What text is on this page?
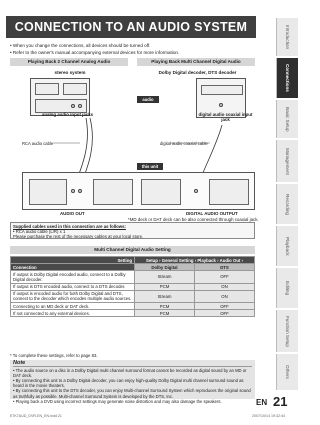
CONNECTION TO AN AUDIO SYSTEM
• When you change the connections, all devices should be turned off.
• Refer to the owner's manual accompanying external devices for more information.
Playing Back 2 Channel Analog Audio	Playing Back Multi Channel Digital Audio
stereo system	Dolby Digital decoder, DTS decoder
audio
analog audio input jacks	digital audio coaxial input jack
RCA audio cable	digital audio coaxial cable
this unit
AUDIO OUT	DIGITAL AUDIO OUTPUT
*MD deck or DAT deck can be also connected through coaxial jack.
Supplied cables used in this connection are as follows:
• RCA audio cable (L/R) x 1
Please purchase the rest of the necessary cables at your local store.
Multi Channel Digital Audio Setting
Setting	Setup › General Setting › Playback › Audio Out ›	
Connection	Dolby Digital	DTS
If output is Dolby Digital encoded audio, connect to a Dolby Digital decoder.	Stream	OFF
If output is DTS encoded audio, connect to a DTS decoder.	PCM	ON
If output is encoded audio for both Dolby Digital and DTS, connect to the decoder which encodes multiple audio sources.	Stream	ON
Connecting to an MD deck or DAT deck.	PCM	OFF
If not connected to any external devices.	PCM	OFF
* To complete these settings, refer to page 83.
Note
• The audio source on a disc in a Dolby Digital multi channel surround format cannot be recorded as digital sound by an MD or DAT deck.
• By connecting this unit to a Dolby Digital decoder, you can enjoy high-quality Dolby Digital multi channel surround sound as heard in the movie theaters.
• By connecting this unit to the DTS decoder, you can enjoy Multi-channel Surround System which reproduces the original sound as truthfully as possible. Multi-channel Surround System is developed by the DTS, Inc.
• Playing back a DVD using incorrect settings may generate noise distortion and may also damage the speakers.
Introduction
Connections
Basic Setup
Management
Recording
Playback
Editing
Function Setup
Others
EN 21
E7K7AUD_DVR-EN_EN.indd 21	2007/10/14 19:32:44
